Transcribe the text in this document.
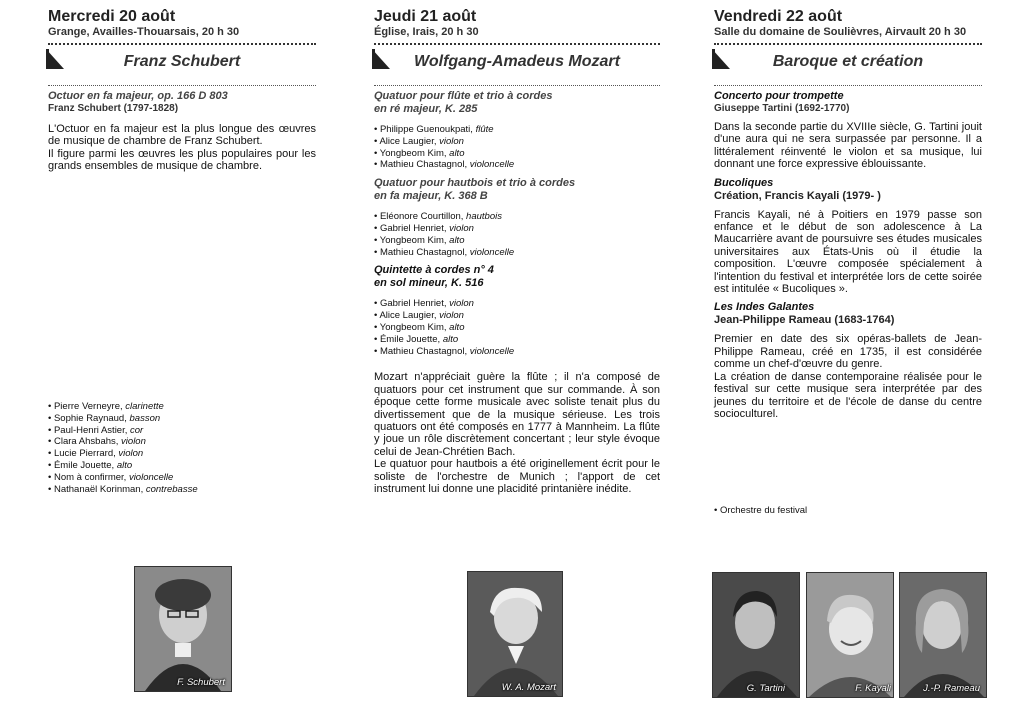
Mercredi 20 août
Grange, Availles-Thouarsais, 20 h 30
Franz Schubert
Octuor en fa majeur, op. 166 D 803
Franz Schubert (1797-1828)

L'Octuor en fa majeur est la plus longue des œuvres de musique de chambre de Franz Schubert.

Il figure parmi les œuvres les plus populaires pour les grands ensembles de musique de chambre.

• Pierre Verneyre, clarinette
• Sophie Raynaud, basson
• Paul-Henri Astier, cor
• Clara Ahsbahs, violon
• Lucie Pierrard, violon
• Émile Jouette, alto
• Nom à confirmer, violoncelle
• Nathanaël Korinman, contrebasse
F. Schubert
Jeudi 21 août
Église, Irais, 20 h 30
Wolfgang-Amadeus Mozart
Quatuor pour flûte et trio à cordes
en ré majeur, K. 285
• Philippe Guenoukpati, flûte
• Alice Laugier, violon
• Yongbeom Kim, alto
• Mathieu Chastagnol, violoncelle
Quatuor pour hautbois et trio à cordes
en fa majeur, K. 368 B
• Eléonore Courtillon, hautbois
• Gabriel Henriet, violon
• Yongbeom Kim, alto
• Mathieu Chastagnol, violoncelle
Quintette à cordes n° 4
en sol mineur, K. 516
• Gabriel Henriet, violon
• Alice Laugier, violon
• Yongbeom Kim, alto
• Émile Jouette, alto
• Mathieu Chastagnol, violoncelle

Mozart n'appréciait guère la flûte ; il n'a composé de quatuors pour cet instrument que sur commande. À son époque cette forme musicale avec soliste tenait plus du divertissement que de la musique sérieuse. Les trois quatuors ont été composés en 1777 à Mannheim. La flûte y joue un rôle discrètement concertant ; leur style évoque celui de Jean-Chrétien Bach.

Le quatuor pour hautbois a été originellement écrit pour le soliste de l'orchestre de Munich ; l'apport de cet instrument lui donne une placidité printanière inédite.

W. A. Mozart
Vendredi 22 août
Salle du domaine de Soulièvres, Airvault 20 h 30
Baroque et création
Concerto pour trompette
Giuseppe Tartini (1692-1770)

Dans la seconde partie du XVIIIe siècle, G. Tartini jouit d'une aura qui ne sera surpassée par personne. Il a littéralement réinventé le violon et sa musique, lui donnant une force expressive éblouissante.

Bucoliques
Création, Francis Kayali (1979- )

Francis Kayali, né à Poitiers en 1979 passe son enfance et le début de son adolescence à La Maucarrière avant de poursuivre ses études musicales universitaires aux États-Unis où il étudie la composition. L'œuvre composée spécialement à l'intention du festival et interprétée lors de cette soirée est intitulée « Bucoliques ».

Les Indes Galantes
Jean-Philippe Rameau (1683-1764)

Premier en date des six opéras-ballets de Jean-Philippe Rameau, créé en 1735, il est considérée comme un chef-d'œuvre du genre.

La création de danse contemporaine réalisée pour le festival sur cette musique sera interprétée par des jeunes du territoire et de l'école de danse du centre socioculturel.

• Orchestre du festival
G. Tartini	F. Kayali	J.-P. Rameau
